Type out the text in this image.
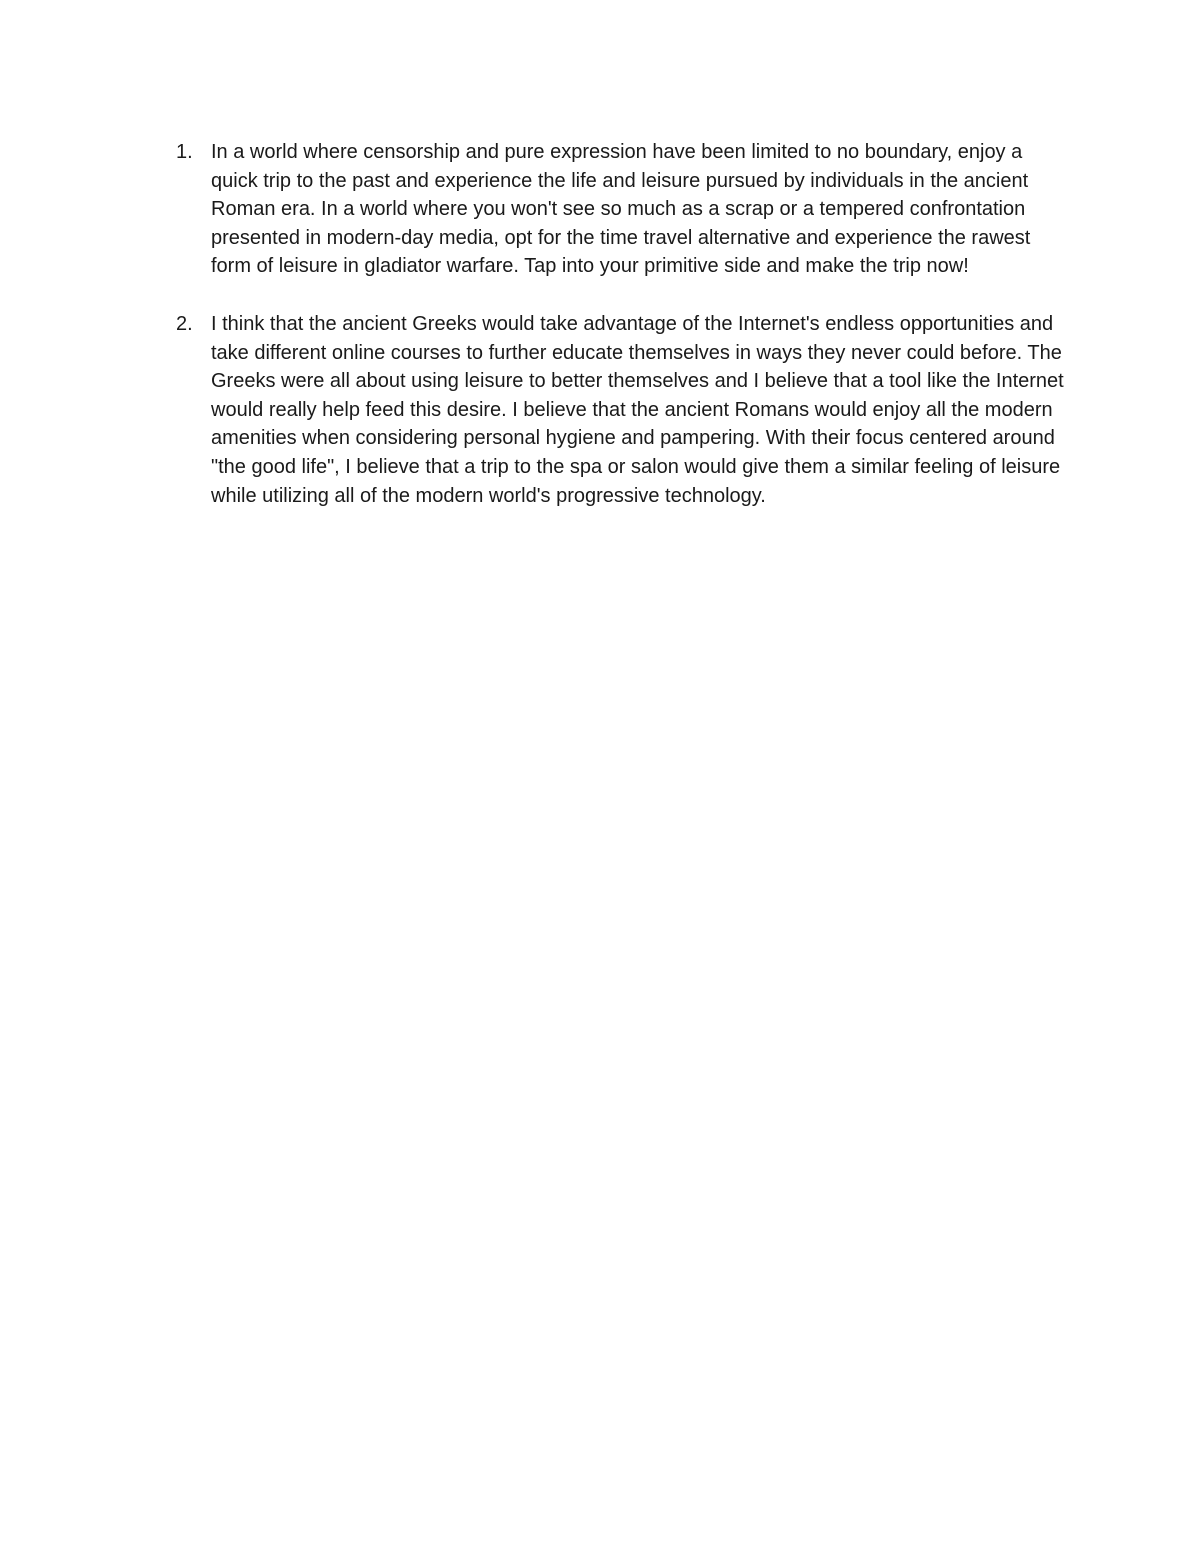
1. In a world where censorship and pure expression have been limited to no boundary, enjoy a quick trip to the past and experience the life and leisure pursued by individuals in the ancient Roman era. In a world where you won't see so much as a scrap or a tempered confrontation presented in modern-day media, opt for the time travel alternative and experience the rawest form of leisure in gladiator warfare. Tap into your primitive side and make the trip now!
2. I think that the ancient Greeks would take advantage of the Internet's endless opportunities and take different online courses to further educate themselves in ways they never could before. The Greeks were all about using leisure to better themselves and I believe that a tool like the Internet would really help feed this desire. I believe that the ancient Romans would enjoy all the modern amenities when considering personal hygiene and pampering. With their focus centered around "the good life", I believe that a trip to the spa or salon would give them a similar feeling of leisure while utilizing all of the modern world's progressive technology.
